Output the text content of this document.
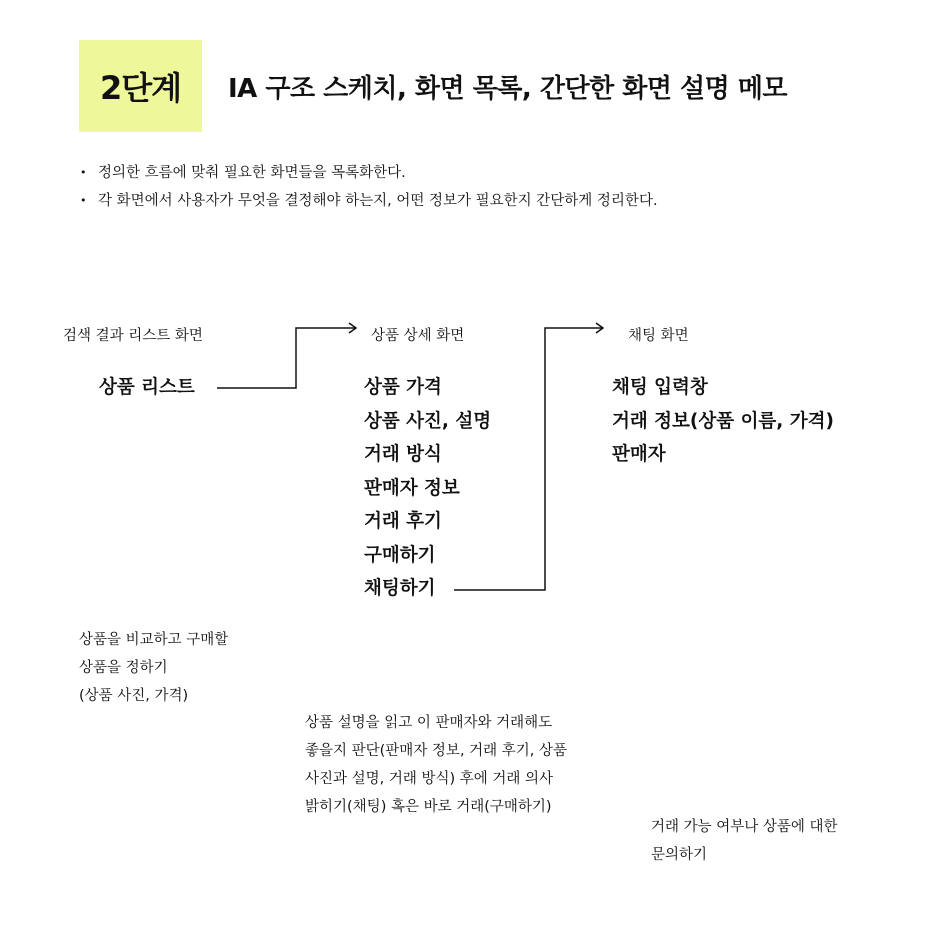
2단계 IA 구조 스케치, 화면 목록, 간단한 화면 설명 메모
• 정의한 흐름에 맞춰 필요한 화면들을 목록화한다.
• 각 화면에서 사용자가 무엇을 결정해야 하는지, 어떤 정보가 필요한지 간단하게 정리한다.
검색 결과 리스트 화면
상품 리스트
상품을 비교하고 구매할
상품을 정하기
(상품 사진, 가격)
상품 상세 화면
상품 가격
상품 사진, 설명
거래 방식
판매자 정보
거래 후기
구매하기
채팅하기
상품 설명을 읽고 이 판매자와 거래해도
좋을지 판단(판매자 정보, 거래 후기, 상품
사진과 설명, 거래 방식) 후에 거래 의사
밝히기(채팅) 혹은 바로 거래(구매하기)
채팅 화면
채팅 입력창
거래 정보(상품 이름, 가격)
판매자
거래 가능 여부나 상품에 대한
문의하기
